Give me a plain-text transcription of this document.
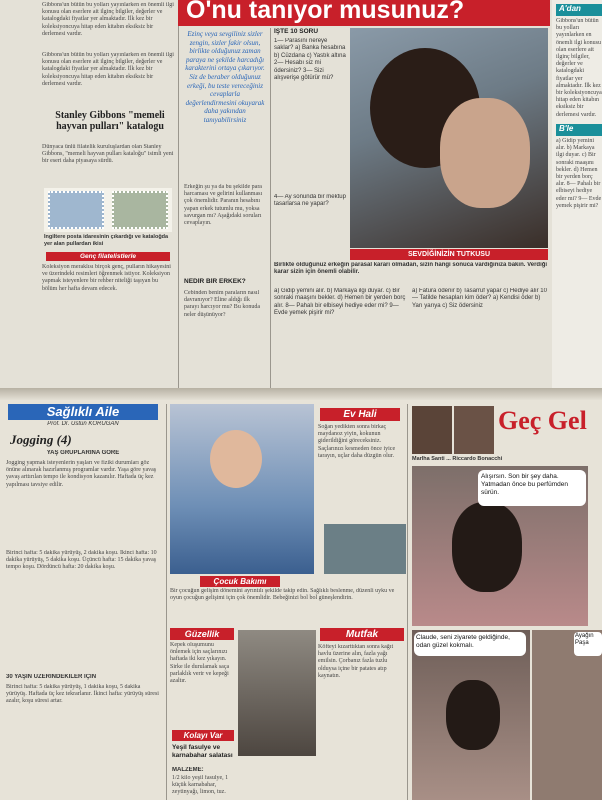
Gibbons'un bütün bu yolları yayınlarken en önemli ilgi konusu olan eserlere ait ilginç bilgiler, değerler ve katalogdaki fiyatlar yer almaktadır. İlk kez bir koleksiyoncuya hitap eden kitabın eksiksiz bir derlemesi vardır.
Gibbons'un bütün bu yolları yayınlarken en önemli ilgi konusu olan eserlere ait ilginç bilgiler, değerler ve katalogdaki fiyatlar yer almaktadır. İlk kez bir koleksiyoncuya hitap eden kitabın eksiksiz bir derlemesi vardır.
Stanley Gibbons "memeli hayvan pulları" katalogu
Dünyaca ünlü filatelik kuruluşlardan olan Stanley Gibbons, "memeli hayvan pulları kataloğu" isimli yeni bir eseri daha piyasaya sürdü.
İngiltere posta idaresinin çıkardığı ve kataloğda yer alan pullardan ikisi
Genç filatelistlerle
Koleksiyon meraklısı birçok genç, pulların hikayesini ve üzerindeki resimleri öğrenmek istiyor. Koleksiyon yapmak isteyenlere bir rehber niteliği taşıyan bu bölüm her hafta devam edecek.
O'nu tanıyor musunuz?
Ezinç veya sevgiliniz sizler zengin, sizler fakir olsun, birlikte olduğunuz zaman paraya ne şekilde harcadığı karakterini ortaya çıkarıyor. Siz de beraber olduğunuz erkeği, bu teste vereceğiniz cevaplarla değerlendirmesini okuyarak daha yakından tanıyabilirsiniz
Erkeğin şu ya da bu şekilde para harcaması ve gelirini kullanması çok önemlidir. Paranın hesabını yapan erkek tutumlu mu, yoksa savurgan mı? Aşağıdaki soruları cevaplayın.
NEDİR BİR ERKEK?
Cebinden benim paraların nasıl davranıyor? Eline aldığı ilk parayı harcıyor mu? Bu konuda neler düşünüyor?
İŞTE 10 SORU
1— Parasını nereye saklar? a) Banka hesabına b) Cüzdana c) Yastık altına 2— Hesabı siz mi ödersiniz? 3— Sizi alışverişe götürür mü?
4— Ay sonunda bir mektup tasarlarsa ne yapar?
SEVDİĞİNİZİN TUTKUSU
Birlikte olduğunuz erkeğin parasal kararı olmadan, sizin hangi sonuca vardığınıza bakın. Verdiği karar sizin için önemli olabilir.
a) Gidip yemini alır. b) Markaya ilgi duyar. c) Bir sonraki maaşını bekler. d) Hemen bir yerden borç alır. 8— Pahalı bir elbiseyi hediye eder mi? 9— Evde yemek pişirir mi?
a) Fatura ödenir b) Tasarruf yapar c) Hediye alır 10— Tatilde hesapları kim öder? a) Kendisi öder b) Yarı yarıya c) Siz ödersiniz
A'dan
Gibbons'un bütün bu yolları yayınlarken en önemli ilgi konusu olan eserlere ait ilginç bilgiler, değerler ve katalogdaki fiyatlar yer almaktadır. İlk kez bir koleksiyoncuya hitap eden kitabın eksiksiz bir derlemesi vardır.
B'le
a) Gidip yemini alır. b) Markaya ilgi duyar. c) Bir sonraki maaşını bekler. d) Hemen bir yerden borç alır. 8— Pahalı bir elbiseyi hediye eder mi? 9— Evde yemek pişirir mi?
Sağlıklı Aile
Prof. Dr. Üstün KORUGAN
Jogging (4)
YAŞ GRUPLARINA GÖRE
Jogging yapmak isteyenlerin yaşları ve fiziki durumları göz önüne alınarak hazırlanmış programlar vardır. Yaşa göre yavaş yavaş arttırılan tempo ile kondisyon kazanılır. Haftada üç kez yapılması tavsiye edilir.
Birinci hafta: 5 dakika yürüyüş, 2 dakika koşu. İkinci hafta: 10 dakika yürüyüş, 5 dakika koşu. Üçüncü hafta: 15 dakika yavaş tempo koşu. Dördüncü hafta: 20 dakika koşu.
30 YAŞIN ÜZERİNDEKİLER İÇİN
Birinci hafta: 5 dakika yürüyüş, 1 dakika koşu, 5 dakika yürüyüş. Haftada üç kez tekrarlanır. İkinci hafta: yürüyüş süresi azalır, koşu süresi artar.
Çocuk Bakımı
Bir çocuğun gelişim dönemini ayrıntılı şekilde takip edin. Sağlıklı beslenme, düzenli uyku ve oyun çocuğun gelişimi için çok önemlidir. Bebeğinizi bol bol güneşlendirin.
Ev Hali
Soğan yedikten sonra birkaç maydanoz yiyin, kokunun giderildiğini göreceksiniz. Saçlarınızı kesmeden önce iyice tarayın, uçlar daha düzgün olur.
Güzellik
Kepek oluşumunu önlemek için saçlarınızı haftada iki kez yıkayın. Sirke ile durulamak saça parlaklık verir ve kepeği azaltır.
Kolayı Var
Yeşil fasulye ve karnabahar salatası
MALZEME:
1/2 kilo yeşil fasulye, 1 küçük karnabahar, zeytinyağı, limon, tuz.
Mutfak
Köfteyi kızarttıktan sonra kağıt havlu üzerine alın, fazla yağı emilsin. Çorbanız fazla tuzlu olduysa içine bir patates atıp kaynatın.
Geç Gel
Marlha Santi ... Riccardo Bonacchi
Alışırsın. Son bir şey daha. Yatmadan önce bu perfümden sürün.
Claude, seni ziyarete geldiğinde, odan güzel kokmalı.
Ayağın Paşa
